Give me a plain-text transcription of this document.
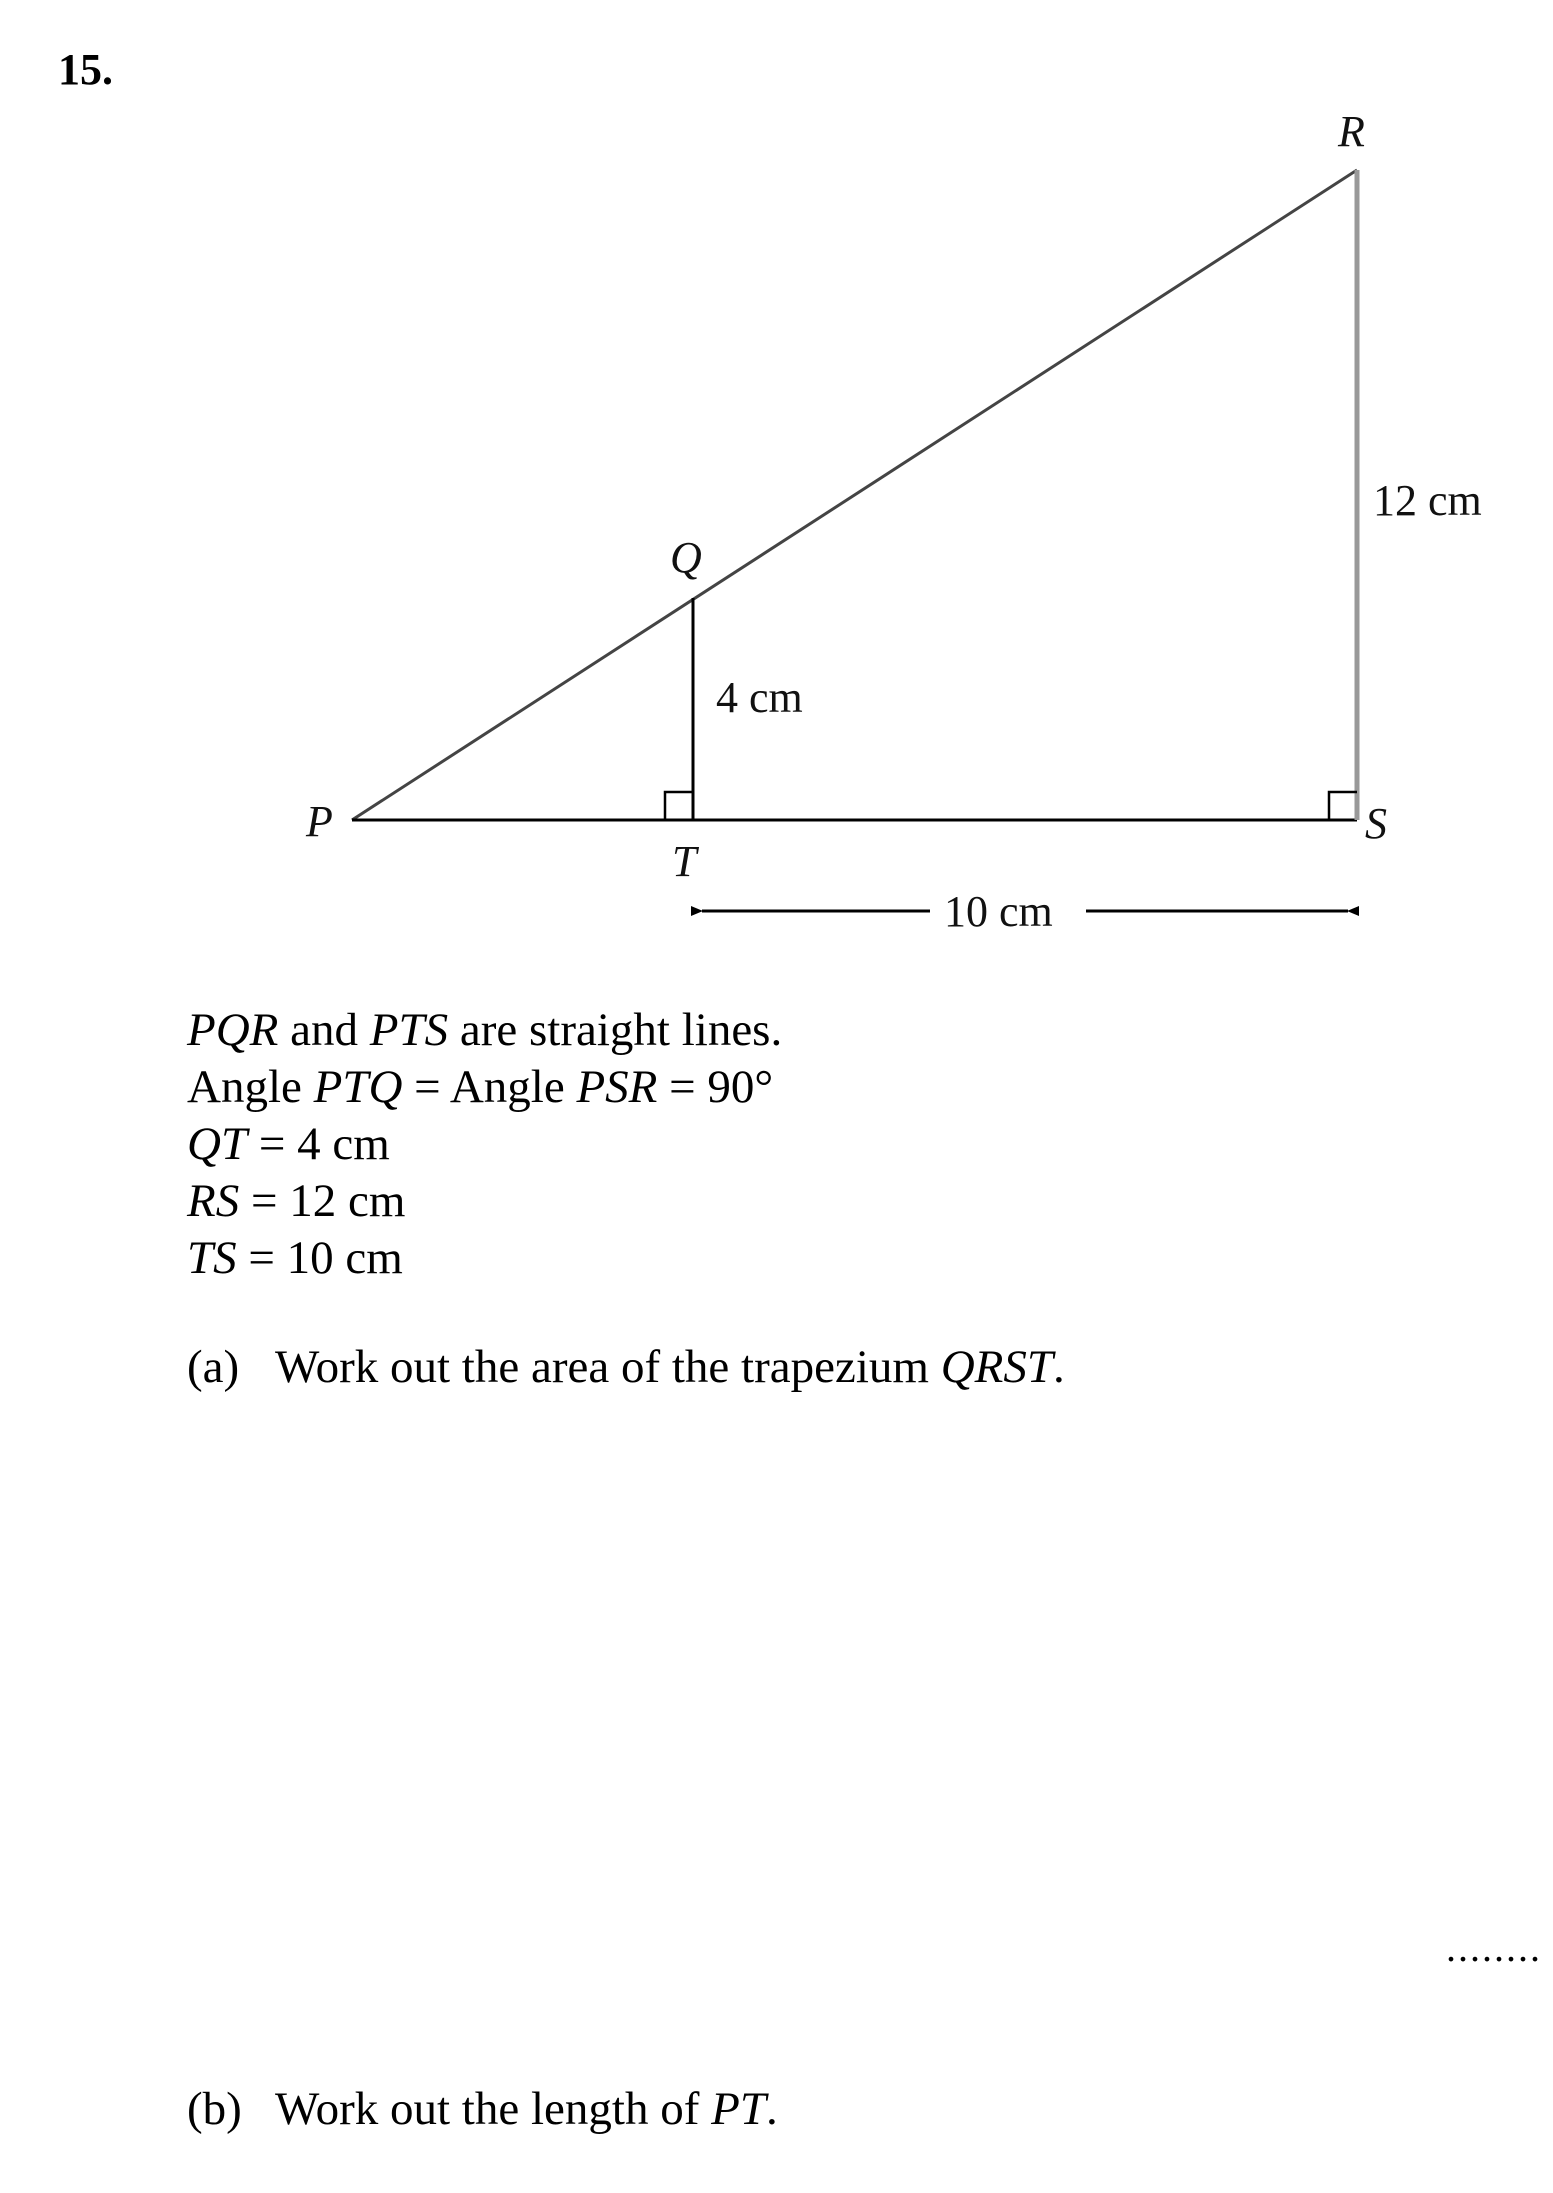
15.
R
Q
P
T
S
4 cm
12 cm
10 cm
PQR and PTS are straight lines.
Angle PTQ = Angle PSR = 90°
QT = 4 cm
RS = 12 cm
TS = 10 cm
(a) Work out the area of the trapezium QRST.
........
(b) Work out the length of PT.
